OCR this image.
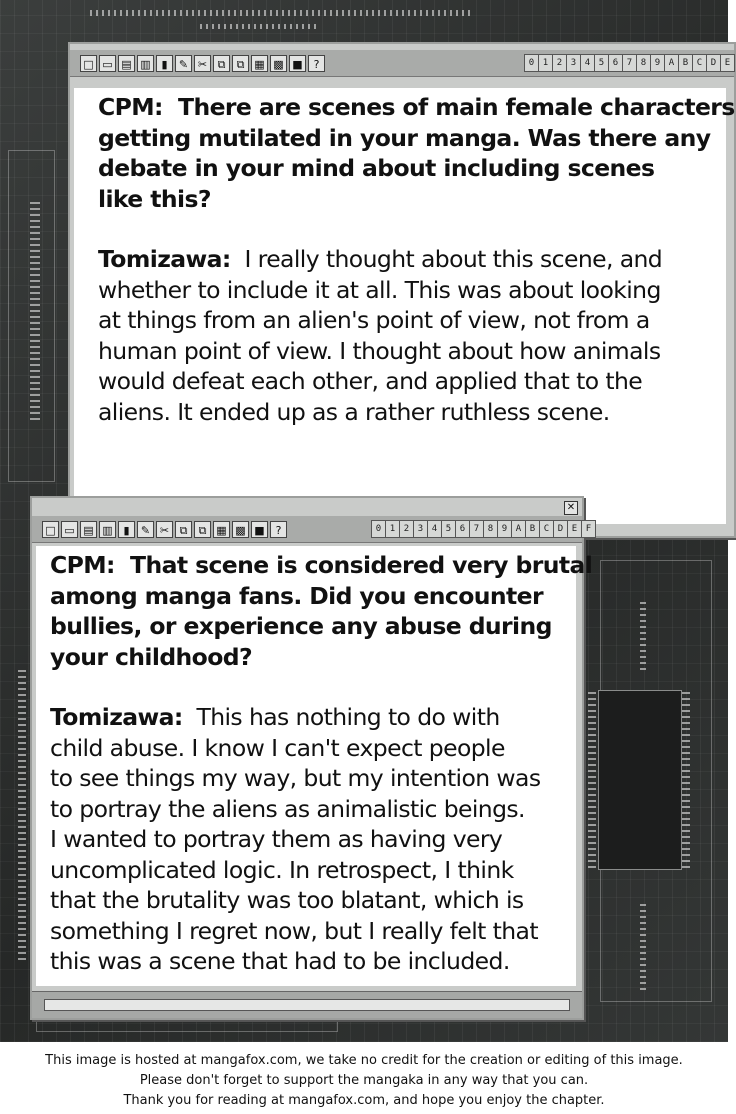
□ ▭ ▤ ▥ ▮	✎ ✂ ⧉	⧉ ▦ ▩ ■ ?	0 1 2 3 4 5 6 7 8 9 A B C D E
CPM: There are scenes of main female characters
getting mutilated in your manga. Was there any
debate in your mind about including scenes
like this?
Tomizawa: I really thought about this scene, and
whether to include it at all. This was about looking
at things from an alien's point of view, not from a
human point of view. I thought about how animals
would defeat each other, and applied that to the
aliens. It ended up as a rather ruthless scene.
✕
□ ▭ ▤ ▥ ▮	✎ ✂ ⧉	⧉ ▦ ▩ ■ ?	0 1 2 3 4 5 6 7 8 9 A B C D E F
CPM: That scene is considered very brutal
among manga fans. Did you encounter
bullies, or experience any abuse during
your childhood?
Tomizawa: This has nothing to do with
child abuse. I know I can't expect people
to see things my way, but my intention was
to portray the aliens as animalistic beings.
I wanted to portray them as having very
uncomplicated logic. In retrospect, I think
that the brutality was too blatant, which is
something I regret now, but I really felt that
this was a scene that had to be included.
This image is hosted at mangafox.com, we take no credit for the creation or editing of this image.
Please don't forget to support the mangaka in any way that you can.
Thank you for reading at mangafox.com, and hope you enjoy the chapter.
